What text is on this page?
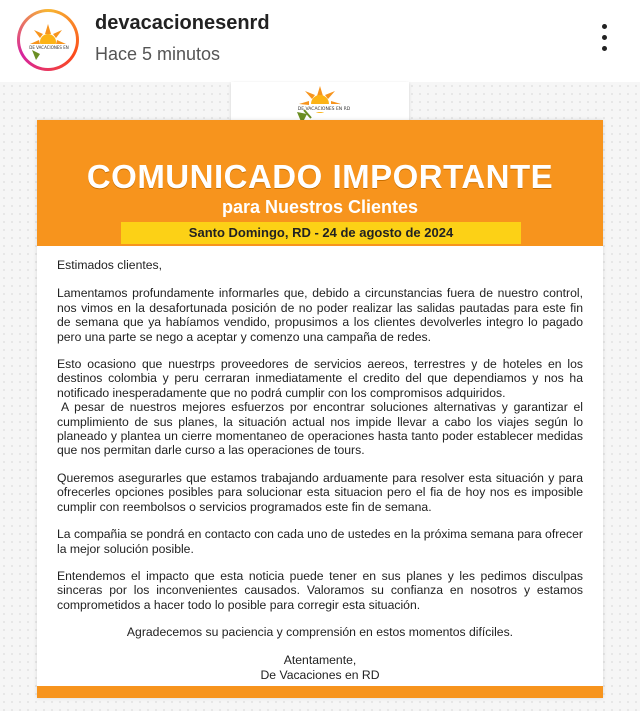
DE VACACIONES EN
devacacionesenrd
Hace 5 minutos
DE VACACIONES EN RD
COMUNICADO IMPORTANTE
para Nuestros Clientes
Santo Domingo, RD - 24 de agosto de 2024

Estimados clientes,

Lamentamos profundamente informarles que, debido a circunstancias fuera de nuestro control, nos vimos en la desafortunada posición de no poder realizar las salidas pautadas para este fin de semana que ya habíamos vendido, propusimos a los clientes devolverles integro lo pagado pero una parte se nego a aceptar y comenzo una campaña de redes.

Esto ocasiono que nuestrps proveedores de servicios aereos, terrestres y de hoteles en los destinos colombia y peru cerraran inmediatamente el credito del que dependiamos y nos ha notificado inesperadamente que no podrá cumplir con los compromisos adquiridos.

A pesar de nuestros mejores esfuerzos por encontrar soluciones alternativas y garantizar el cumplimiento de sus planes, la situación actual nos impide llevar a cabo los viajes según lo planeado y plantea un cierre momentaneo de operaciones hasta tanto poder establecer medidas que nos permitan darle curso a las operaciones de tours.

Queremos asegurarles que estamos trabajando arduamente para resolver esta situación y para ofrecerles opciones posibles para solucionar esta situacion pero el fia de hoy nos es imposible cumplir con reembolsos o servicios programados este fin de semana.

La compañia se pondrá en contacto con cada uno de ustedes en la próxima semana para ofrecer la mejor solución posible.

Entendemos el impacto que esta noticia puede tener en sus planes y les pedimos disculpas sinceras por los inconvenientes causados. Valoramos su confianza en nosotros y estamos comprometidos a hacer todo lo posible para corregir esta situación.

Agradecemos su paciencia y comprensión en estos momentos difíciles.

Atentamente,
De Vacaciones en RD
